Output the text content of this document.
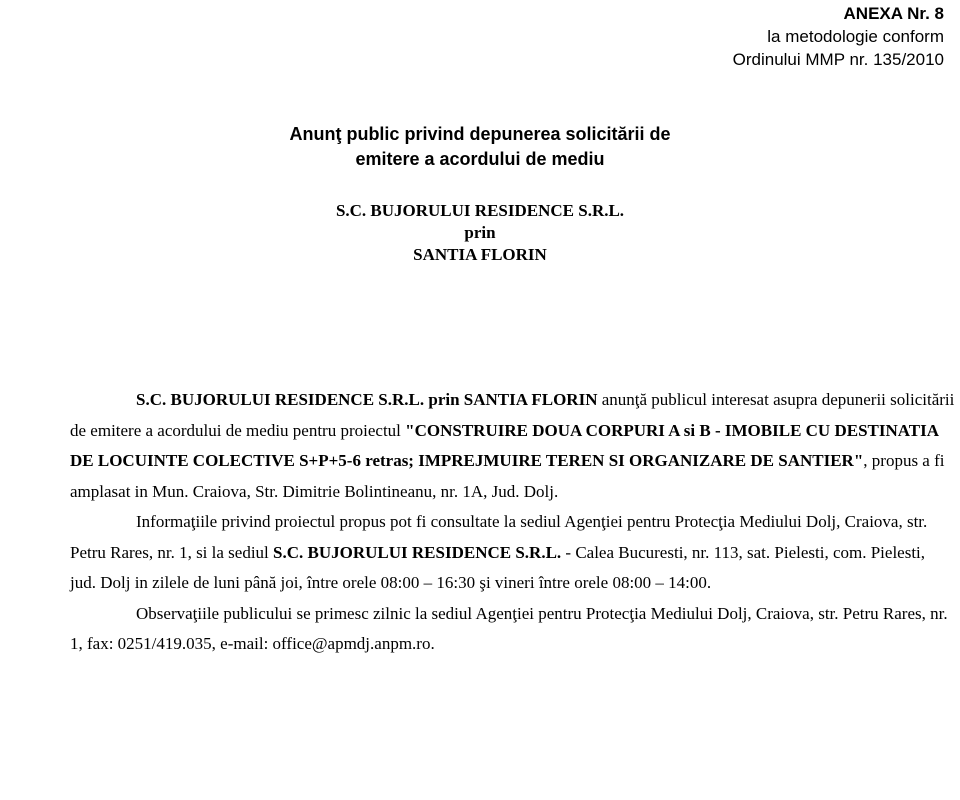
ANEXA Nr. 8
la metodologie conform
Ordinului MMP nr. 135/2010
Anunţ public privind depunerea solicitării de
emitere a acordului de mediu
S.C. BUJORULUI RESIDENCE S.R.L.
prin
SANTIA FLORIN

S.C. BUJORULUI RESIDENCE S.R.L. prin SANTIA FLORIN anunţă publicul interesat asupra depunerii solicitării de emitere a acordului de mediu pentru proiectul "CONSTRUIRE DOUA CORPURI A si B - IMOBILE CU DESTINATIA DE LOCUINTE COLECTIVE S+P+5-6 retras; IMPREJMUIRE TEREN SI ORGANIZARE DE SANTIER", propus a fi amplasat in Mun. Craiova, Str. Dimitrie Bolintineanu, nr. 1A, Jud. Dolj.

Informaţiile privind proiectul propus pot fi consultate la sediul Agenţiei pentru Protecţia Mediului Dolj, Craiova, str. Petru Rares, nr. 1, si la sediul S.C. BUJORULUI RESIDENCE S.R.L. - Calea Bucuresti, nr. 113, sat. Pielesti, com. Pielesti, jud. Dolj in zilele de luni până joi, între orele 08:00 – 16:30 şi vineri între orele 08:00 – 14:00.

Observaţiile publicului se primesc zilnic la sediul Agenţiei pentru Protecţia Mediului Dolj, Craiova, str. Petru Rares, nr. 1, fax: 0251/419.035, e-mail: office@apmdj.anpm.ro.
